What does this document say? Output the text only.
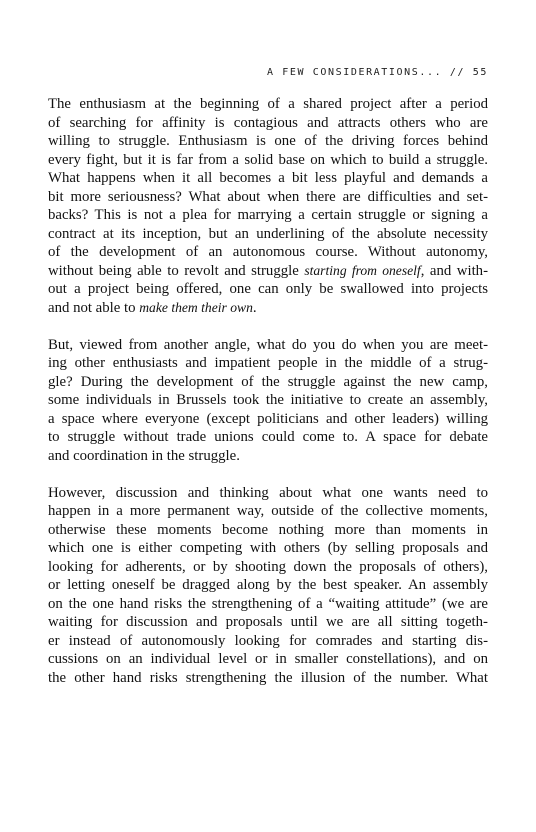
A FEW CONSIDERATIONS... // 55
The enthusiasm at the beginning of a shared project after a period
of searching for affinity is contagious and attracts others who are
willing to struggle. Enthusiasm is one of the driving forces behind
every fight, but it is far from a solid base on which to build a struggle.
What happens when it all becomes a bit less playful and demands a
bit more seriousness? What about when there are difficulties and set-
backs? This is not a plea for marrying a certain struggle or signing a
contract at its inception, but an underlining of the absolute necessity
of the development of an autonomous course. Without autonomy,
without being able to revolt and struggle starting from oneself, and with-
out a project being offered, one can only be swallowed into projects
and not able to make them their own.
But, viewed from another angle, what do you do when you are meet-
ing other enthusiasts and impatient people in the middle of a strug-
gle? During the development of the struggle against the new camp,
some individuals in Brussels took the initiative to create an assembly,
a space where everyone (except politicians and other leaders) willing
to struggle without trade unions could come to. A space for debate
and coordination in the struggle.
However, discussion and thinking about what one wants need to
happen in a more permanent way, outside of the collective moments,
otherwise these moments become nothing more than moments in
which one is either competing with others (by selling proposals and
looking for adherents, or by shooting down the proposals of others),
or letting oneself be dragged along by the best speaker. An assembly
on the one hand risks the strengthening of a “waiting attitude” (we are
waiting for discussion and proposals until we are all sitting togeth-
er instead of autonomously looking for comrades and starting dis-
cussions on an individual level or in smaller constellations), and on
the other hand risks strengthening the illusion of the number. What
